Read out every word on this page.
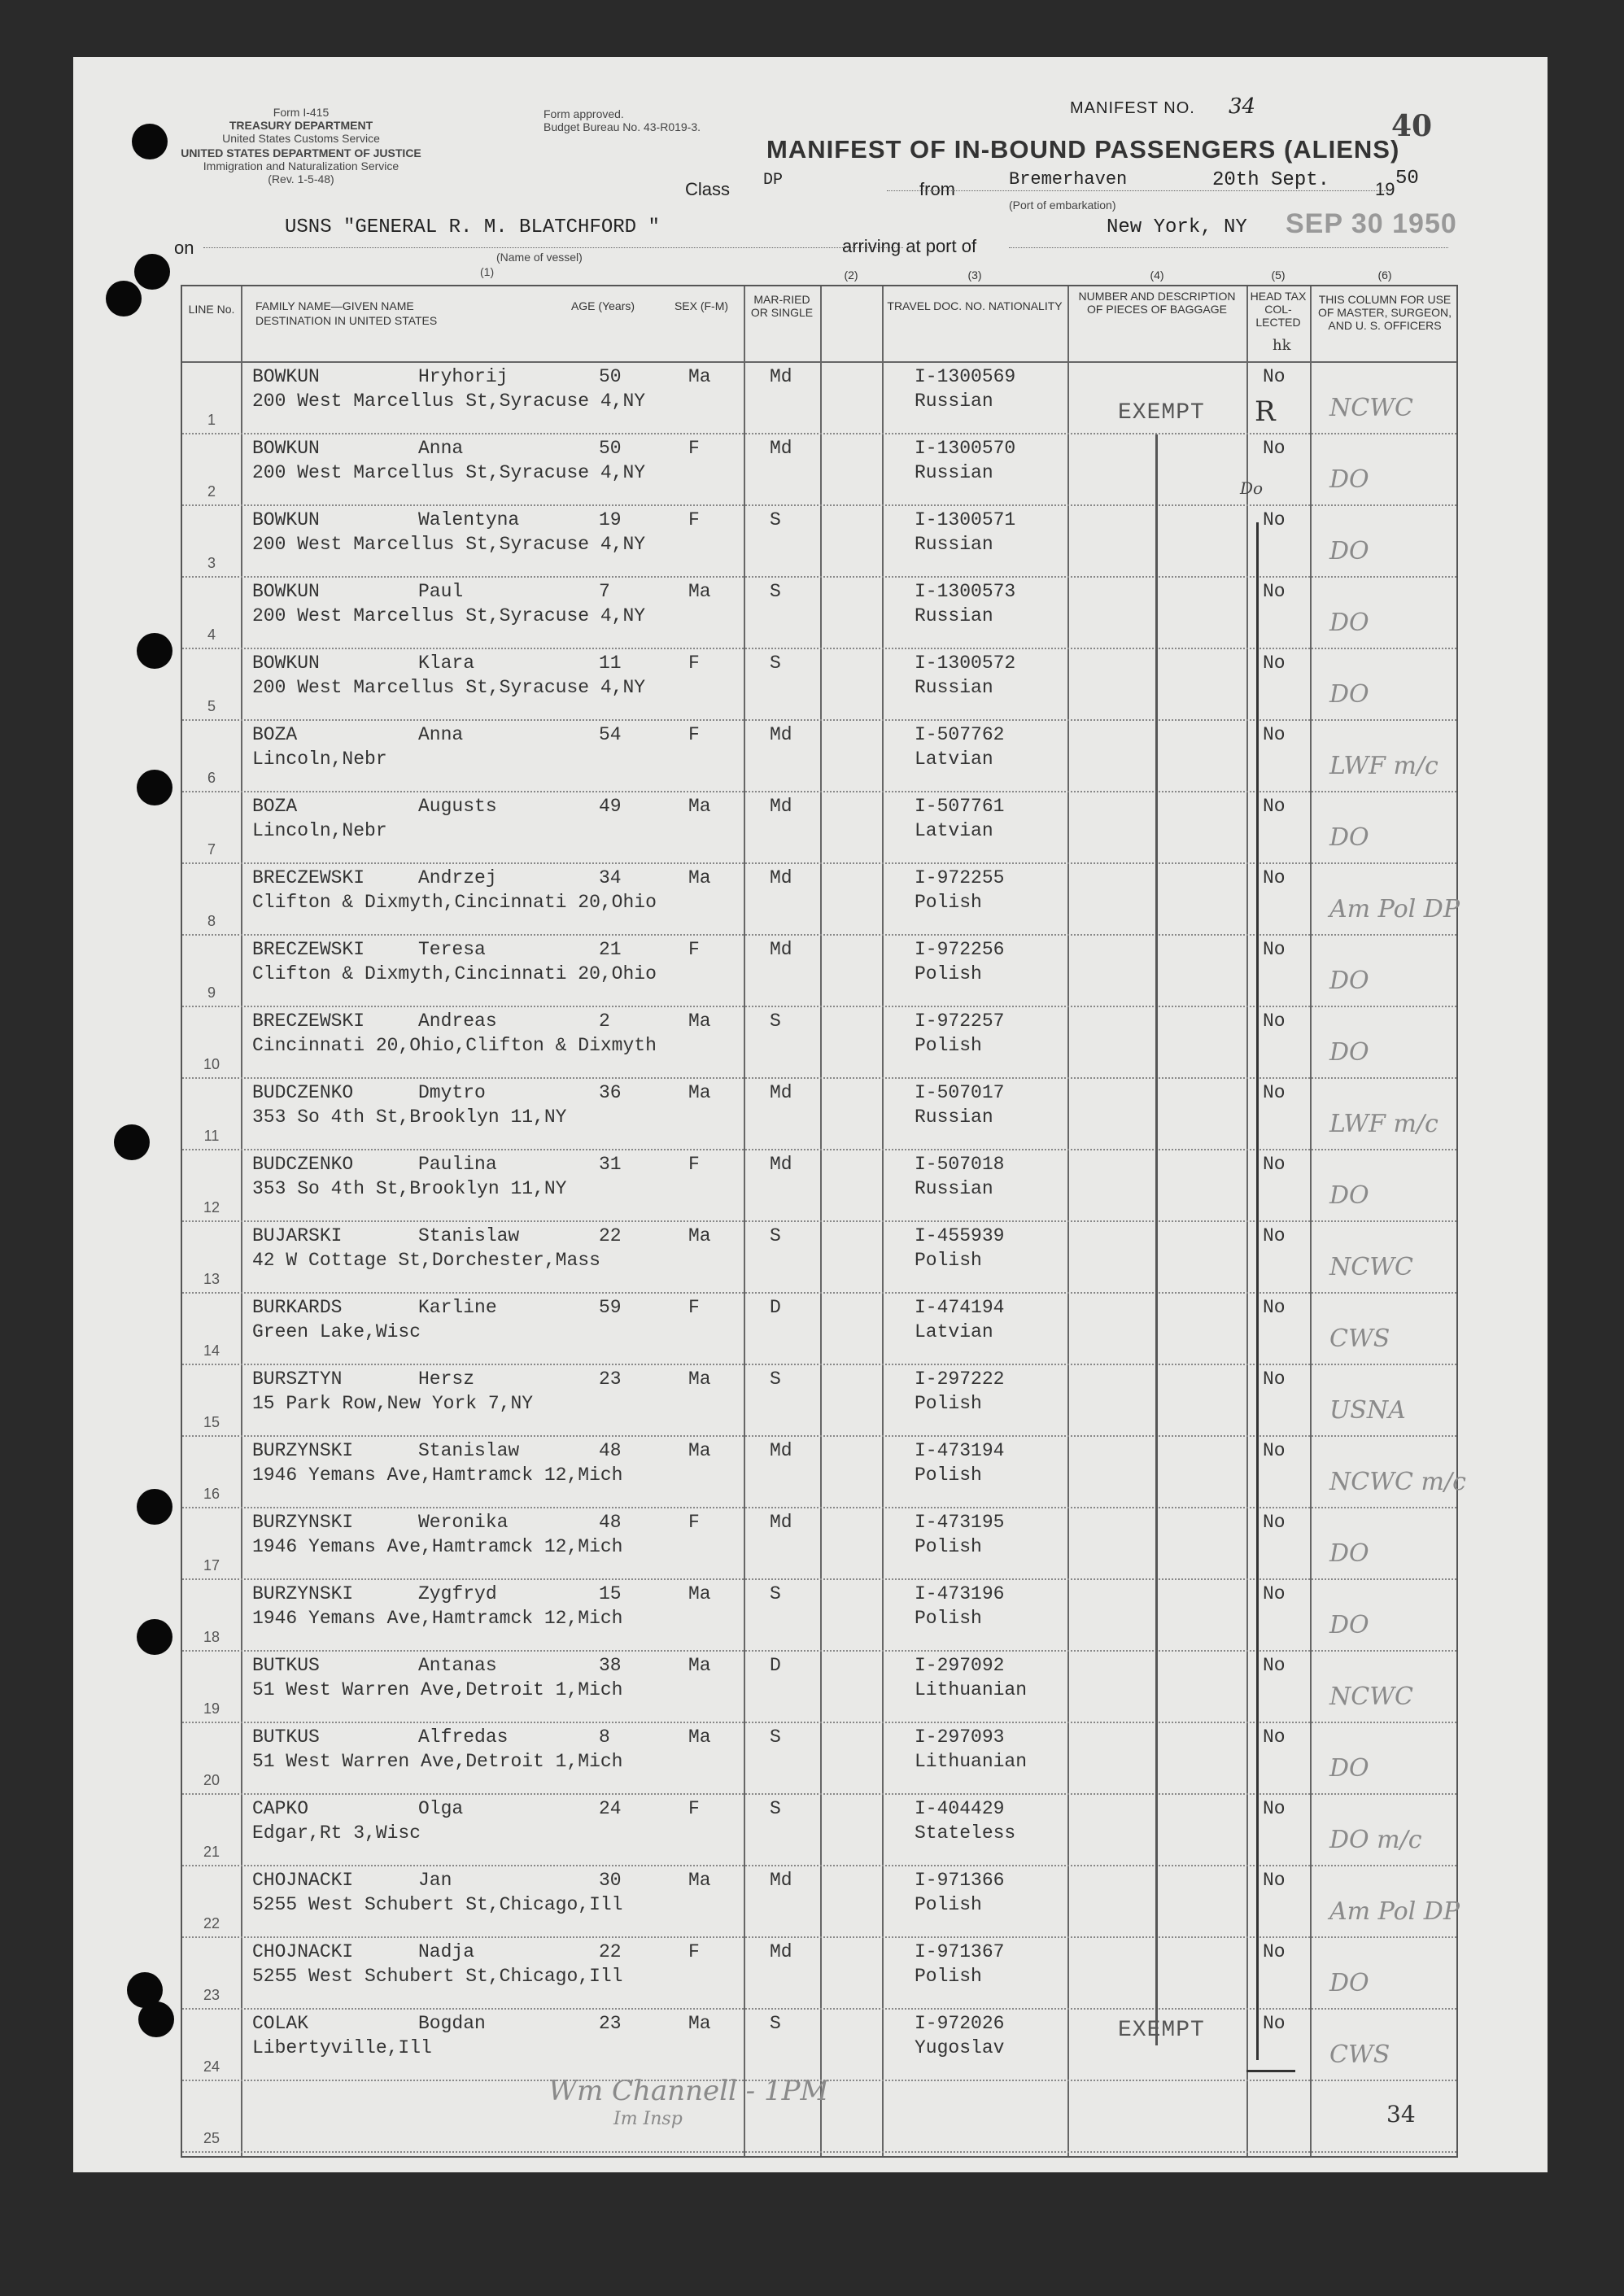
Form I-415
TREASURY DEPARTMENT
United States Customs Service
UNITED STATES DEPARTMENT OF JUSTICE
Immigration and Naturalization Service
(Rev. 1-5-48)
Form approved.
Budget Bureau No. 43-R019-3.
MANIFEST NO. 34
40
MANIFEST OF IN-BOUND PASSENGERS (ALIENS)
Class DP	from	Bremerhaven
(Port of embarkation)
20th Sept.	19 50
on
USNS "GENERAL R. M. BLATCHFORD "
(Name of vessel)
(1)
arriving at port of
New York, NY SEP 30 1950
LINE No.	FAMILY NAME—GIVEN NAME
DESTINATION IN UNITED STATES
AGE (Years)	SEX (F-M)	MAR-RIED OR SINGLE
(2)
TRAVEL DOC. NO. NATIONALITY
(3)
NUMBER AND DESCRIPTION OF PIECES OF BAGGAGE
(4)
HEAD TAX COL-LECTED
(5)
THIS COLUMN FOR USE OF MASTER, SURGEON, AND U. S. OFFICERS
(6)
hk
1
BOWKUN	Hryhorij
200 West Marcellus St,Syracuse 4,NY
50	Ma	Md	I-1300569
Russian
No
NCWC
2
BOWKUN	Anna
200 West Marcellus St,Syracuse 4,NY
50	F	Md	I-1300570
Russian
No
DO
3
BOWKUN	Walentyna
200 West Marcellus St,Syracuse 4,NY
19	F	S	I-1300571
Russian
No
DO
4
BOWKUN	Paul
200 West Marcellus St,Syracuse 4,NY
7	Ma	S	I-1300573
Russian
No
DO
5
BOWKUN	Klara
200 West Marcellus St,Syracuse 4,NY
11	F	S	I-1300572
Russian
No
DO
6
BOZA	Anna
Lincoln,Nebr
54	F	Md	I-507762
Latvian
No
LWF m/c
7
BOZA	Augusts
Lincoln,Nebr
49	Ma	Md	I-507761
Latvian
No
DO
8
BRECZEWSKI	Andrzej
Clifton & Dixmyth,Cincinnati 20,Ohio
34	Ma	Md	I-972255
Polish
No
Am Pol DP
9
BRECZEWSKI	Teresa
Clifton & Dixmyth,Cincinnati 20,Ohio
21	F	Md	I-972256
Polish
No
DO
10
BRECZEWSKI	Andreas
Cincinnati 20,Ohio,Clifton & Dixmyth
2	Ma	S	I-972257
Polish
No
DO
11
BUDCZENKO	Dmytro
353 So 4th St,Brooklyn 11,NY
36	Ma	Md	I-507017
Russian
No
LWF m/c
12
BUDCZENKO	Paulina
353 So 4th St,Brooklyn 11,NY
31	F	Md	I-507018
Russian
No
DO
13
BUJARSKI	Stanislaw
42 W Cottage St,Dorchester,Mass
22	Ma	S	I-455939
Polish
No
NCWC
14
BURKARDS	Karline
Green Lake,Wisc
59	F	D	I-474194
Latvian
No
CWS
15
BURSZTYN	Hersz
15 Park Row,New York 7,NY
23	Ma	S	I-297222
Polish
No
USNA
16
BURZYNSKI	Stanislaw
1946 Yemans Ave,Hamtramck 12,Mich
48	Ma	Md	I-473194
Polish
No
NCWC m/c
17
BURZYNSKI	Weronika
1946 Yemans Ave,Hamtramck 12,Mich
48	F	Md	I-473195
Polish
No
DO
18
BURZYNSKI	Zygfryd
1946 Yemans Ave,Hamtramck 12,Mich
15	Ma	S	I-473196
Polish
No
DO
19
BUTKUS	Antanas
51 West Warren Ave,Detroit 1,Mich
38	Ma	D	I-297092
Lithuanian
No
NCWC
20
BUTKUS	Alfredas
51 West Warren Ave,Detroit 1,Mich
8	Ma	S	I-297093
Lithuanian
No
DO
21
CAPKO	Olga
Edgar,Rt 3,Wisc
24	F	S	I-404429
Stateless
No
DO m/c
22
CHOJNACKI	Jan
5255 West Schubert St,Chicago,Ill
30	Ma	Md	I-971366
Polish
No
Am Pol DP
23
CHOJNACKI	Nadja
5255 West Schubert St,Chicago,Ill
22	F	Md	I-971367
Polish
No
DO
24
COLAK	Bogdan
Libertyville,Ill
23	Ma	S	I-972026
Yugoslav
No
CWS
25
EXEMPT
EXEMPT
R
Do
Wm Channell - 1PM
Im Insp	34
